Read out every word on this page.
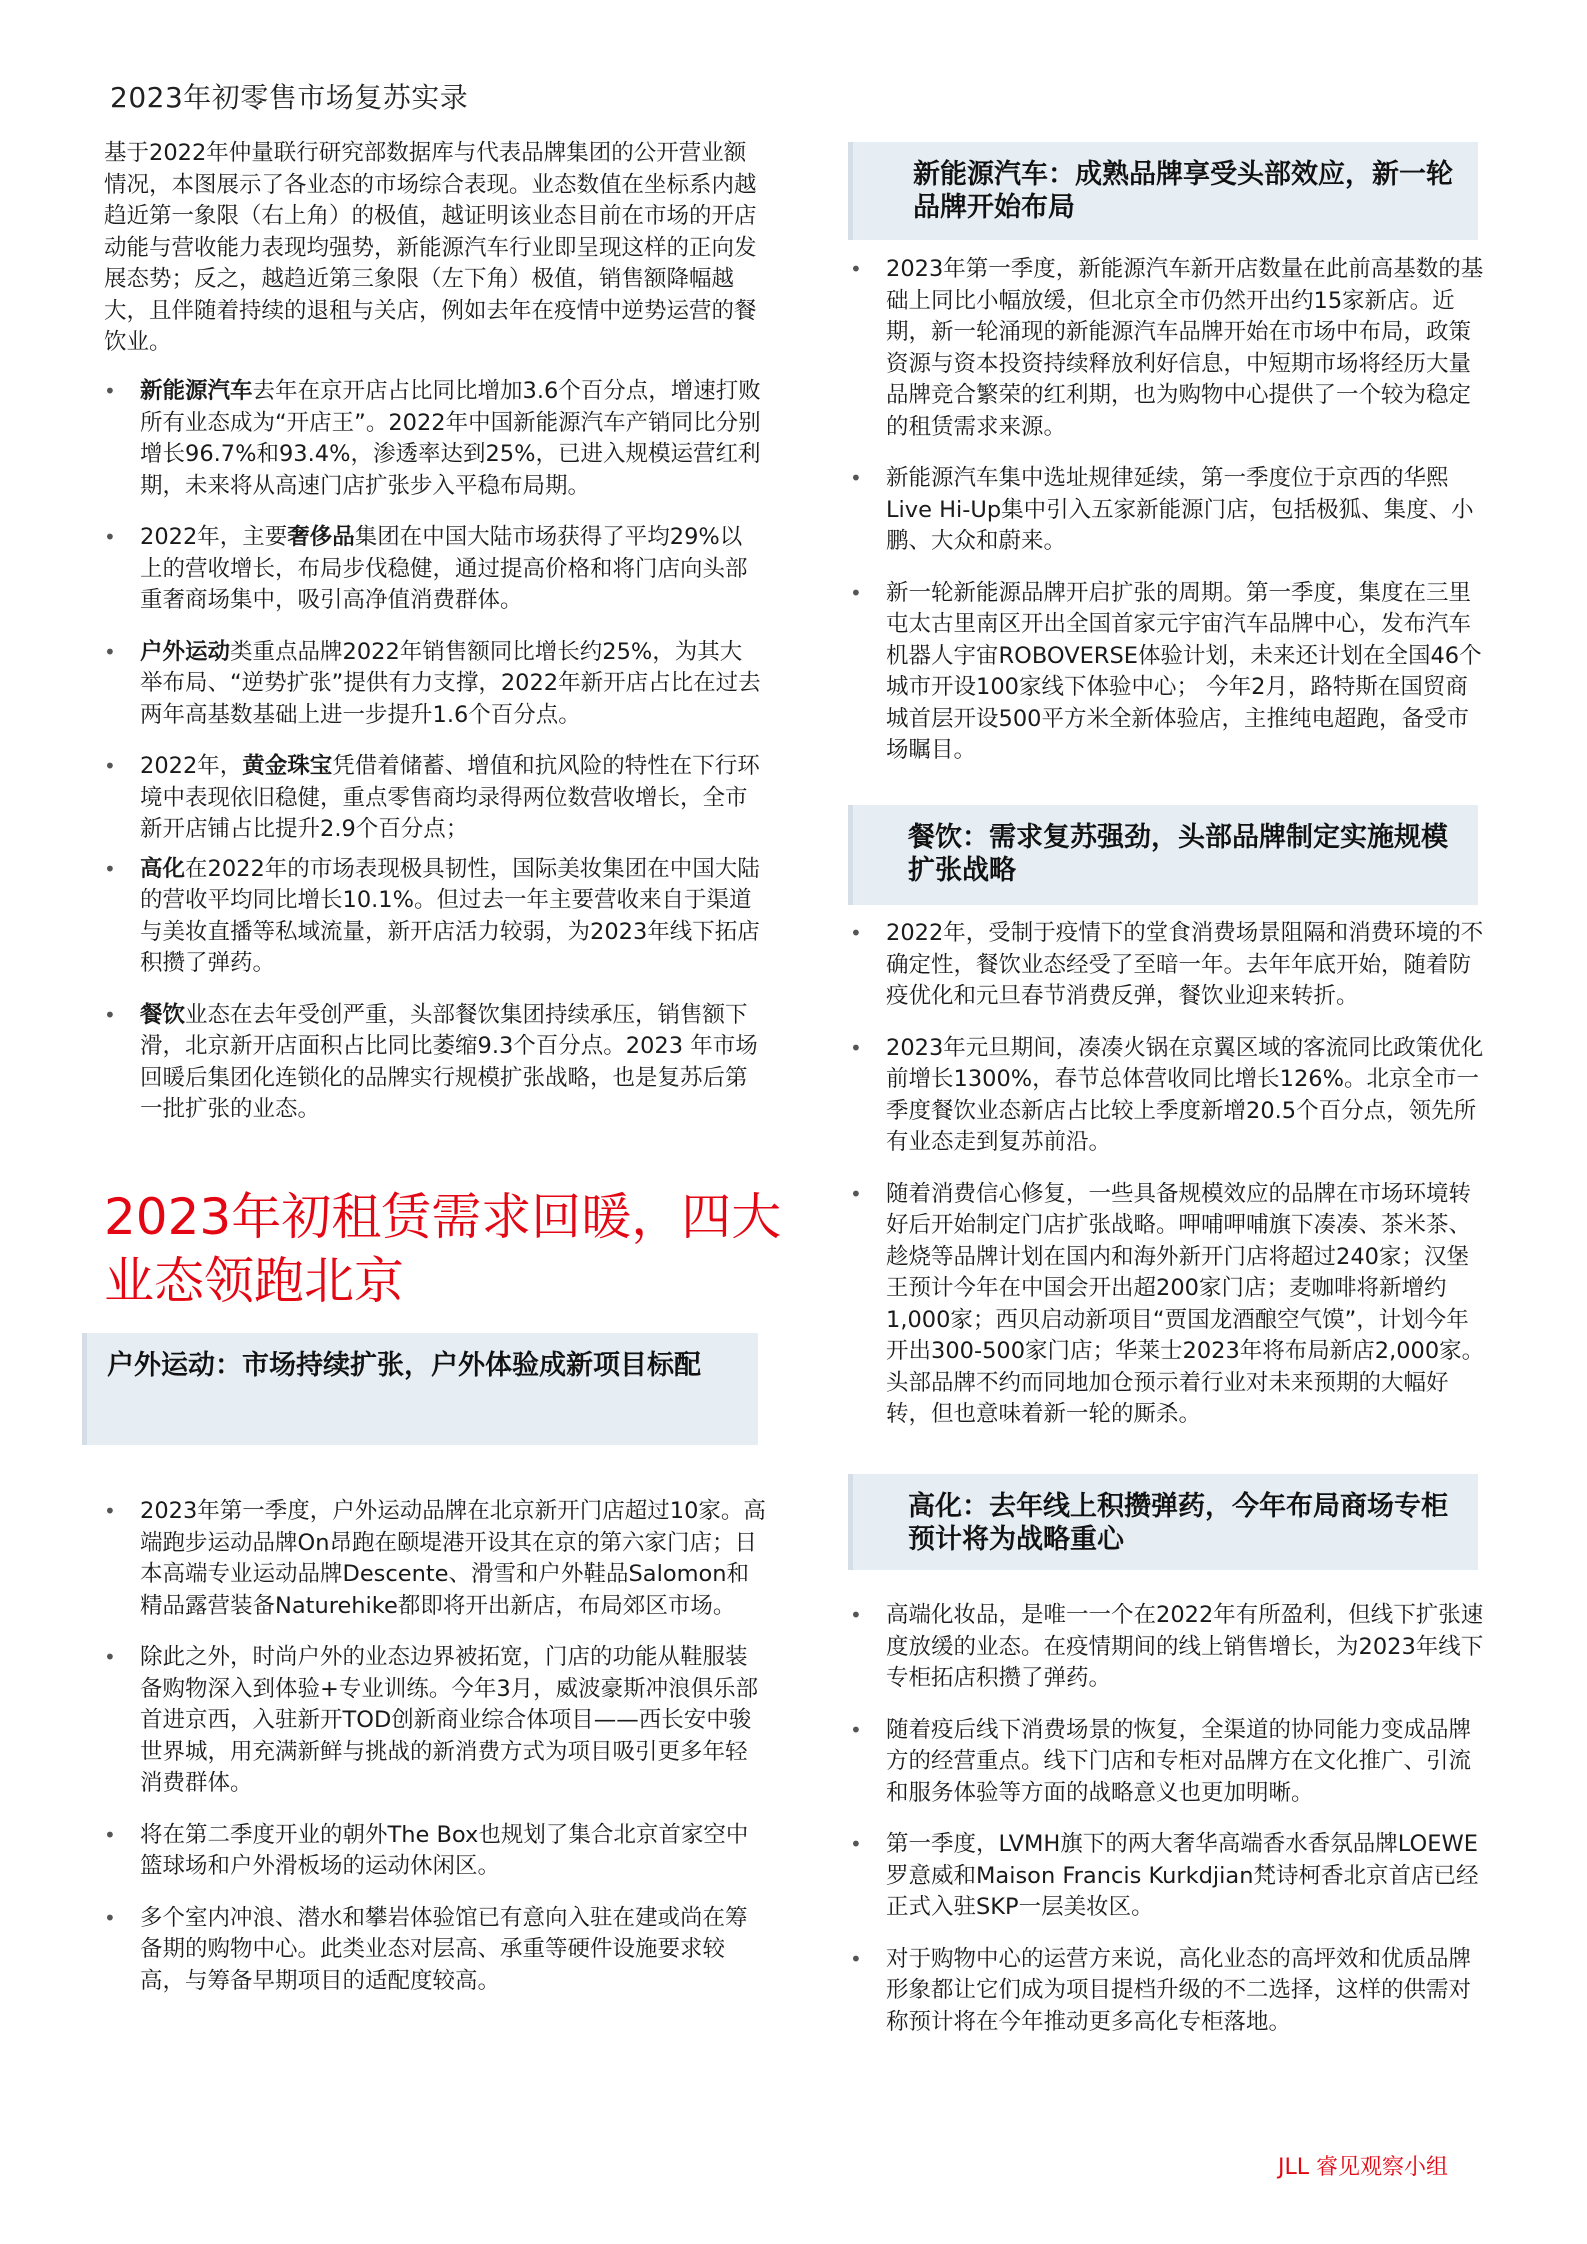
2023年初零售市场复苏实录

基于2022年仲量联行研究部数据库与代表品牌集团的公开营业额情况，本图展示了各业态的市场综合表现。业态数值在坐标系内越趋近第一象限（右上角）的极值，越证明该业态目前在市场的开店动能与营收能力表现均强势，新能源汽车行业即呈现这样的正向发展态势；反之，越趋近第三象限（左下角）极值，销售额降幅越大，且伴随着持续的退租与关店，例如去年在疫情中逆势运营的餐饮业。

• 新能源汽车去年在京开店占比同比增加3.6个百分点，增速打败所有业态成为“开店王”。2022年中国新能源汽车产销同比分别增长96.7%和93.4%，渗透率达到25%，已进入规模运营红利期，未来将从高速门店扩张步入平稳布局期。
• 2022年，主要奢侈品集团在中国大陆市场获得了平均29%以上的营收增长，布局步伐稳健，通过提高价格和将门店向头部重奢商场集中，吸引高净值消费群体。
• 户外运动类重点品牌2022年销售额同比增长约25%，为其大举布局、“逆势扩张”提供有力支撑，2022年新开店占比在过去两年高基数基础上进一步提升1.6个百分点。
• 2022年，黄金珠宝凭借着储蓄、增值和抗风险的特性在下行环境中表现依旧稳健，重点零售商均录得两位数营收增长，全市新开店铺占比提升2.9个百分点；
• 高化在2022年的市场表现极具韧性，国际美妆集团在中国大陆的营收平均同比增长10.1%。但过去一年主要营收来自于渠道与美妆直播等私域流量，新开店活力较弱，为2023年线下拓店积攒了弹药。
• 餐饮业态在去年受创严重，头部餐饮集团持续承压，销售额下滑，北京新开店面积占比同比萎缩9.3个百分点。2023 年市场回暖后集团化连锁化的品牌实行规模扩张战略，也是复苏后第一批扩张的业态。
2023年初租赁需求回暖，四大业态领跑北京
户外运动：市场持续扩张，户外体验成新项目标配
• 2023年第一季度，户外运动品牌在北京新开门店超过10家。高端跑步运动品牌On昂跑在颐堤港开设其在京的第六家门店；日本高端专业运动品牌Descente、滑雪和户外鞋品Salomon和精品露营装备Naturehike都即将开出新店，布局郊区市场。
• 除此之外，时尚户外的业态边界被拓宽，门店的功能从鞋服装备购物深入到体验+专业训练。今年3月，威波豪斯冲浪俱乐部首进京西，入驻新开TOD创新商业综合体项目——西长安中骏世界城，用充满新鲜与挑战的新消费方式为项目吸引更多年轻消费群体。
• 将在第二季度开业的朝外The Box也规划了集合北京首家空中篮球场和户外滑板场的运动休闲区。
• 多个室内冲浪、潜水和攀岩体验馆已有意向入驻在建或尚在筹备期的购物中心。此类业态对层高、承重等硬件设施要求较高，与筹备早期项目的适配度较高。
新能源汽车：成熟品牌享受头部效应，新一轮品牌开始布局
• 2023年第一季度，新能源汽车新开店数量在此前高基数的基础上同比小幅放缓，但北京全市仍然开出约15家新店。近期，新一轮涌现的新能源汽车品牌开始在市场中布局，政策资源与资本投资持续释放利好信息，中短期市场将经历大量品牌竞合繁荣的红利期，也为购物中心提供了一个较为稳定的租赁需求来源。
• 新能源汽车集中选址规律延续，第一季度位于京西的华熙Live Hi-Up集中引入五家新能源门店，包括极狐、集度、小鹏、大众和蔚来。
• 新一轮新能源品牌开启扩张的周期。第一季度，集度在三里屯太古里南区开出全国首家元宇宙汽车品牌中心，发布汽车机器人宇宙ROBOVERSE体验计划，未来还计划在全国46个城市开设100家线下体验中心； 今年2月，路特斯在国贸商城首层开设500平方米全新体验店，主推纯电超跑，备受市场瞩目。
餐饮：需求复苏强劲，头部品牌制定实施规模扩张战略
• 2022年，受制于疫情下的堂食消费场景阻隔和消费环境的不确定性，餐饮业态经受了至暗一年。去年年底开始，随着防疫优化和元旦春节消费反弹，餐饮业迎来转折。
• 2023年元旦期间，凑凑火锅在京翼区域的客流同比政策优化前增长1300%，春节总体营收同比增长126%。北京全市一季度餐饮业态新店占比较上季度新增20.5个百分点，领先所有业态走到复苏前沿。
• 随着消费信心修复，一些具备规模效应的品牌在市场环境转好后开始制定门店扩张战略。呷哺呷哺旗下凑凑、茶米茶、趁烧等品牌计划在国内和海外新开门店将超过240家；汉堡王预计今年在中国会开出超200家门店；麦咖啡将新增约1,000家；西贝启动新项目“贾国龙酒酿空气馍”，计划今年开出300-500家门店；华莱士2023年将布局新店2,000家。头部品牌不约而同地加仓预示着行业对未来预期的大幅好转，但也意味着新一轮的厮杀。
高化：去年线上积攒弹药，今年布局商场专柜预计将为战略重心
• 高端化妆品，是唯一一个在2022年有所盈利，但线下扩张速度放缓的业态。在疫情期间的线上销售增长，为2023年线下专柜拓店积攒了弹药。
• 随着疫后线下消费场景的恢复，全渠道的协同能力变成品牌方的经营重点。线下门店和专柜对品牌方在文化推广、引流和服务体验等方面的战略意义也更加明晰。
• 第一季度，LVMH旗下的两大奢华高端香水香氛品牌LOEWE罗意威和Maison Francis Kurkdjian梵诗柯香北京首店已经正式入驻SKP一层美妆区。
• 对于购物中心的运营方来说，高化业态的高坪效和优质品牌形象都让它们成为项目提档升级的不二选择，这样的供需对称预计将在今年推动更多高化专柜落地。
JLL 睿见观察小组
